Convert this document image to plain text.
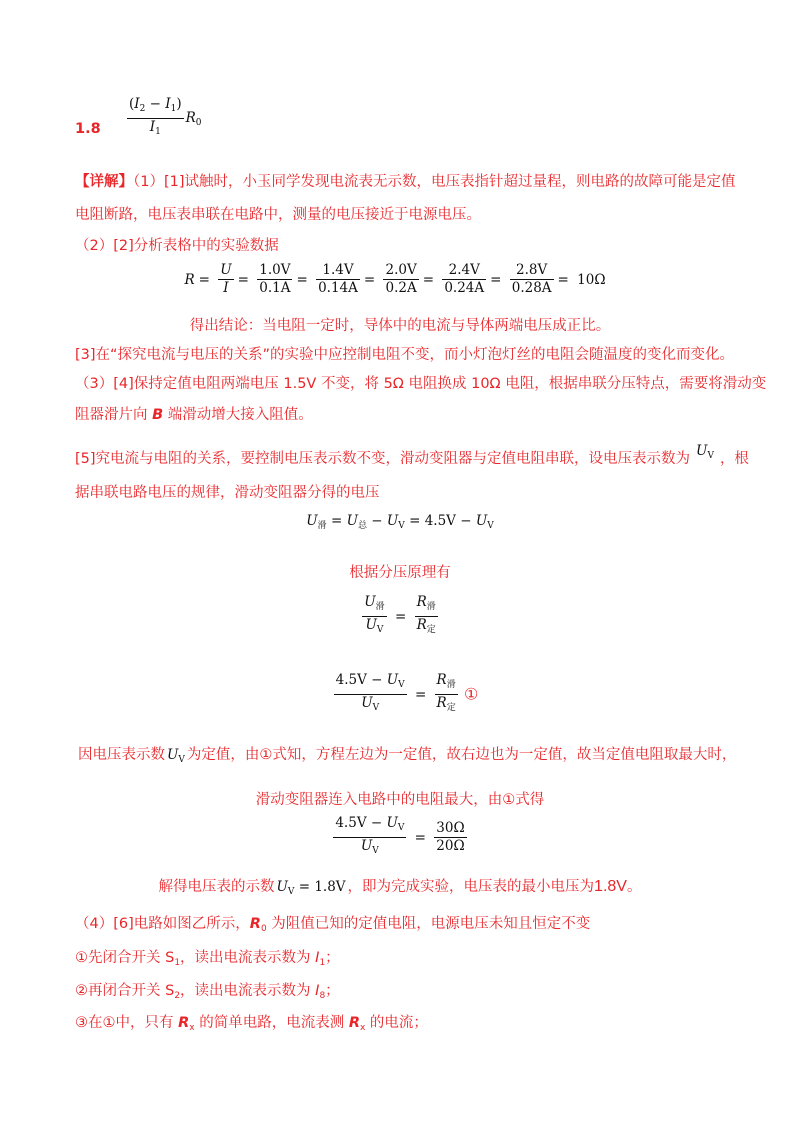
$1.8 \frac{(I_2 - I_1)}{I_1} R_0$
【详解】（1）[1]试触时，小玉同学发现电流表无示数，电压表指针超过量程，则电路的故障可能是定值
电阻断路，电压表串联在电路中，测量的电压接近于电源电压。
（2）[2]分析表格中的实验数据
$R = \frac{U}{I} = \frac{1.0V}{0.1A} = \frac{1.4V}{0.14A} = \frac{2.0V}{0.2A} = \frac{2.4V}{0.24A} = \frac{2.8V}{0.28A} = 10\Omega$
得出结论：当电阻一定时，导体中的电流与导体两端电压成正比。
[3]在“探究电流与电压的关系”的实验中应控制电阻不变，而小灯泡灯丝的电阻会随温度的变化而变化。
（3）[4]保持定值电阻两端电压 1.5V 不变，将 5Ω 电阻换成 10Ω 电阻，根据串联分压特点，需要将滑动变
阻器滑片向 B 端滑动增大接入阻值。
[5]究电流与电阻的关系，要控制电压表示数不变，滑动变阻器与定值电阻串联，设电压表示数为 $U_V$ ，根
据串联电路电压的规律，滑动变阻器分得的电压
$U_滑 = U_总 - U_V = 4.5V - U_V$
根据分压原理有
$\frac{U_滑}{U_V} = \frac{R_滑}{R_定}$
$\frac{4.5V - U_V}{U_V} = \frac{R_滑}{R_定}$ ①
因电压表示数 $U_V$ 为定值，由①式知，方程左边为一定值，故右边也为一定值，故当定值电阻取最大时，
滑动变阻器连入电路中的电阻最大，由①式得
$\frac{4.5V - U_V}{U_V} = \frac{30\Omega}{20\Omega}$
解得电压表的示数 $U_V = 1.8V$ ，即为完成实验，电压表的最小电压为1.8V。
（4）[6]电路如图乙所示，$R_0$ 为阻值已知的定值电阻，电源电压未知且恒定不变
①先闭合开关 $S_1$，读出电流表示数为 $I_1$；
②再闭合开关 $S_2$，读出电流表示数为 $I_8$；
③在①中，只有 $R_x$ 的简单电路，电流表测 $R_x$ 的电流；
